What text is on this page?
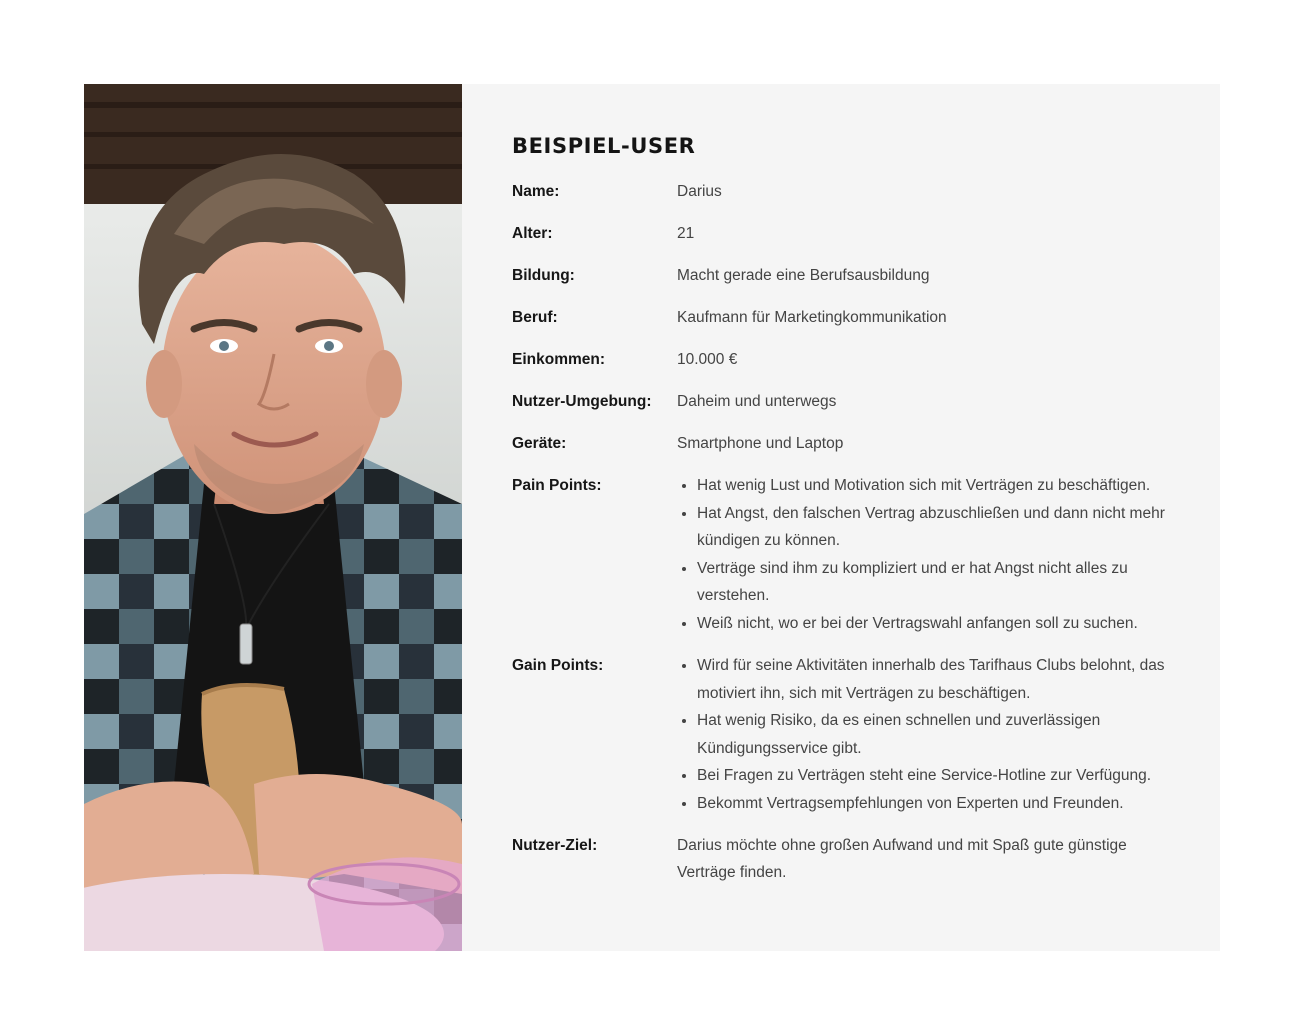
BEISPIEL-USER
Name:	Darius
Alter:	21
Bildung:	Macht gerade eine Berufsausbildung
Beruf:	Kaufmann für Marketingkommunikation
Einkommen:	10.000 €
Nutzer-Umgebung:	Daheim und unterwegs
Geräte:	Smartphone und Laptop
Pain Points:	• Hat wenig Lust und Motivation sich mit Verträgen zu beschäftigen.
• Hat Angst, den falschen Vertrag abzuschließen und dann nicht mehr kündigen zu können.
• Verträge sind ihm zu kompliziert und er hat Angst nicht alles zu verstehen.
• Weiß nicht, wo er bei der Vertragswahl anfangen soll zu suchen.
Gain Points:	• Wird für seine Aktivitäten innerhalb des Tarifhaus Clubs belohnt, das motiviert ihn, sich mit Verträgen zu beschäftigen.
• Hat wenig Risiko, da es einen schnellen und zuverlässigen Kündigungsservice gibt.
• Bei Fragen zu Verträgen steht eine Service-Hotline zur Verfügung.
• Bekommt Vertragsempfehlungen von Experten und Freunden.
Nutzer-Ziel:	Darius möchte ohne großen Aufwand und mit Spaß gute günstige Verträge finden.
